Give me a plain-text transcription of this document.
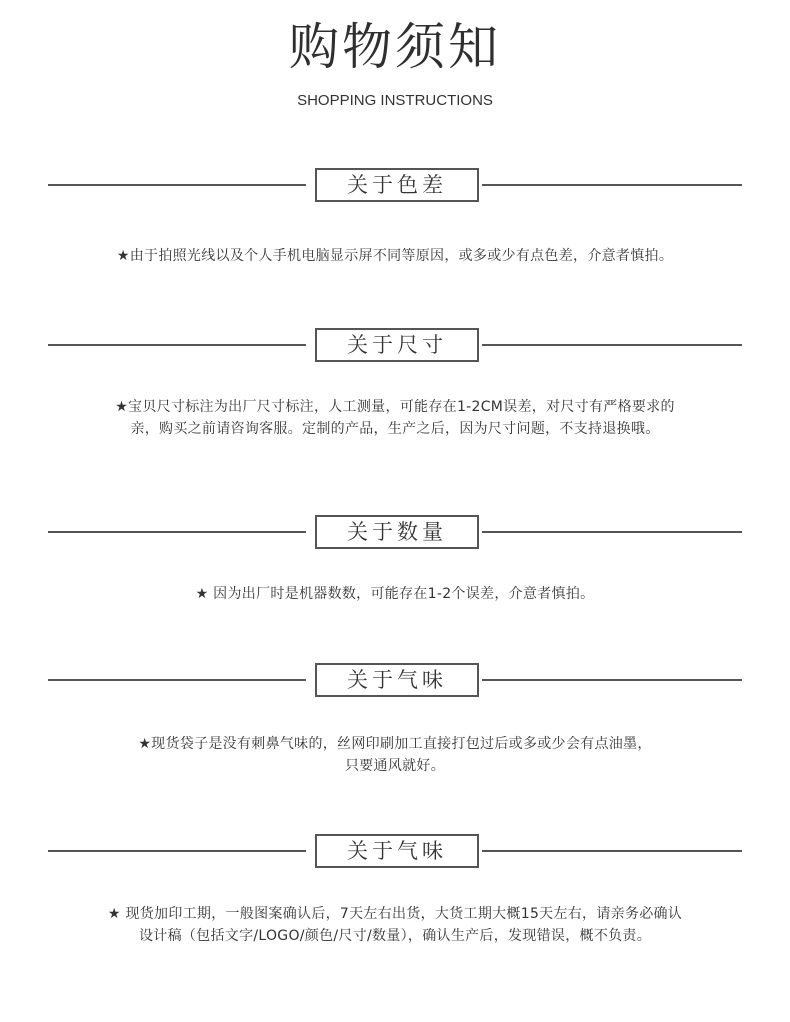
购物须知
SHOPPING INSTRUCTIONS
关于色差

★由于拍照光线以及个人手机电脑显示屏不同等原因，或多或少有点色差，介意者慎拍。

关于尺寸

★宝贝尺寸标注为出厂尺寸标注，人工测量，可能存在1-2CM误差，对尺寸有严格要求的
亲，购买之前请咨询客服。定制的产品，生产之后，因为尺寸问题，不支持退换哦。

关于数量

★ 因为出厂时是机器数数，可能存在1-2个误差，介意者慎拍。

关于气味

★现货袋子是没有刺鼻气味的，丝网印刷加工直接打包过后或多或少会有点油墨，
只要通风就好。

关于气味

★ 现货加印工期，一般图案确认后，7天左右出货，大货工期大概15天左右，请亲务必确认
设计稿（包括文字/LOGO/颜色/尺寸/数量），确认生产后，发现错误，概不负责。
